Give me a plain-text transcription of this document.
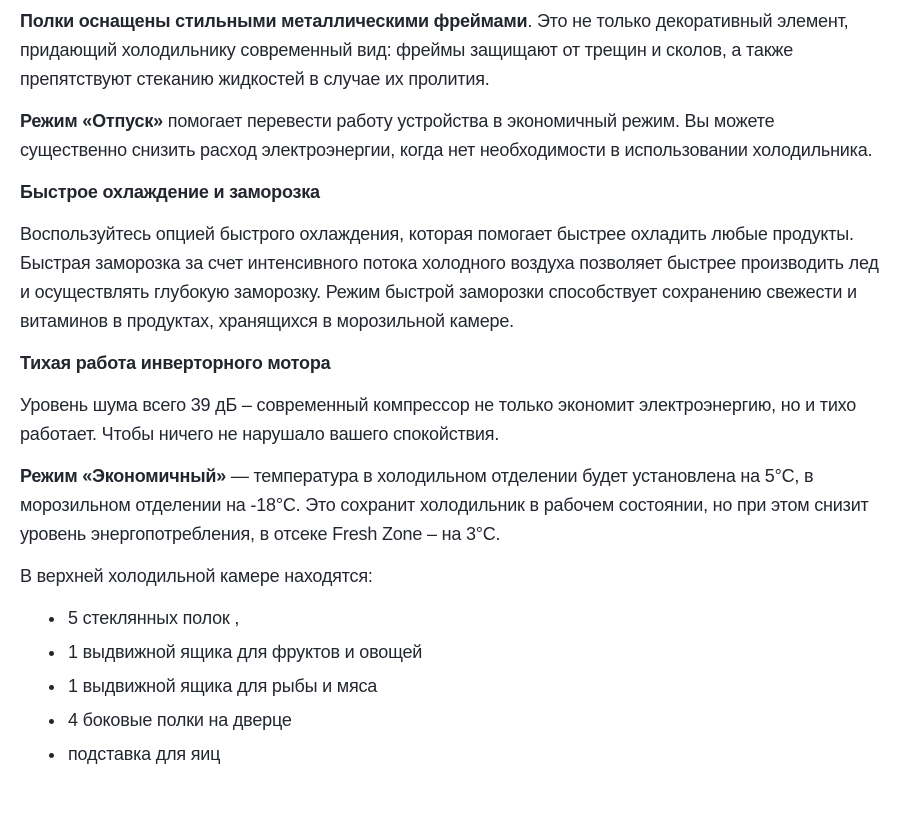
Полки оснащены стильными металлическими фреймами. Это не только декоративный элемент, придающий холодильнику современный вид: фреймы защищают от трещин и сколов, а также препятствуют стеканию жидкостей в случае их пролития.

Режим «Отпуск» помогает перевести работу устройства в экономичный режим. Вы можете существенно снизить расход электроэнергии, когда нет необходимости в использовании холодильника.

Быстрое охлаждение и заморозка

Воспользуйтесь опцией быстрого охлаждения, которая помогает быстрее охладить любые продукты. Быстрая заморозка за счет интенсивного потока холодного воздуха позволяет быстрее производить лед и осуществлять глубокую заморозку. Режим быстрой заморозки способствует сохранению свежести и витаминов в продуктах, хранящихся в морозильной камере.

Тихая работа инверторного мотора

Уровень шума всего 39 дБ – современный компрессор не только экономит электроэнергию, но и тихо работает. Чтобы ничего не нарушало вашего спокойствия.

Режим «Экономичный» — температура в холодильном отделении будет установлена на 5°C, в морозильном отделении на -18°C. Это сохранит холодильник в рабочем состоянии, но при этом снизит уровень энергопотребления, в отсеке Fresh Zone – на 3°C.

В верхней холодильной камере находятся:

• 5 стеклянных полок ,
• 1 выдвижной ящика для фруктов и овощей
• 1 выдвижной ящика для рыбы и мяса
• 4 боковые полки на дверце
• подставка для яиц
